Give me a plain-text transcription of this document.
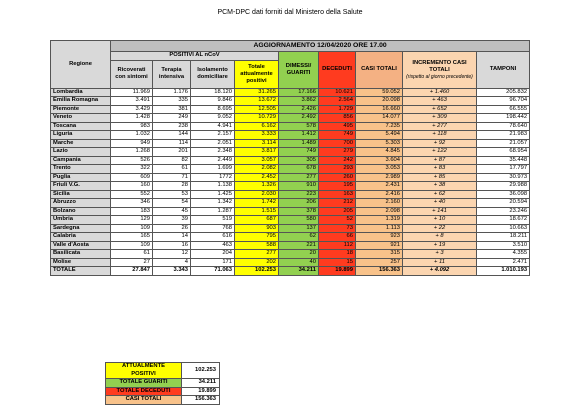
PCM-DPC dati forniti dal Ministero della Salute
Regione	AGGIORNAMENTO 12/04/2020 ORE 17.00								
	POSITIVI AL nCoV				DIMESSI/ GUARITI	DECEDUTI	CASI TOTALI	INCREMENTO CASI TOTALI
(rispetto al giorno precedente)	TAMPONI
	Ricoverati con sintomi	Terapia intensiva	Isolamento domiciliare	Totale attualmente positivi					
Lombardia	11.969	1.176	18.120	31.265	17.166	10.621	59.052	+ 1.460	205.832
Emilia Romagna	3.491	335	9.846	13.672	3.862	2.564	20.098	+ 463	96.704
Piemonte	3.429	381	8.695	12.505	2.426	1.729	16.660	+ 652	66.555
Veneto	1.428	249	9.052	10.729	2.492	856	14.077	+ 309	198.442
Toscana	983	238	4.941	6.162	578	495	7.235	+ 277	78.640
Liguria	1.032	144	2.157	3.333	1.412	749	5.494	+ 118	21.983
Marche	949	114	2.051	3.114	1.489	700	5.303	+ 92	21.057
Lazio	1.268	201	2.348	3.817	749	279	4.845	+ 122	68.954
Campania	526	82	2.449	3.057	305	242	3.604	+ 87	35.448
Trento	322	61	1.699	2.082	678	293	3.053	+ 83	17.797
Puglia	609	71	1772	2.452	277	260	2.989	+ 85	30.973
Friuli V.G.	160	28	1.138	1.326	910	195	2.431	+ 38	29.988
Sicilia	552	53	1.425	2.030	223	163	2.416	+ 62	36.098
Abruzzo	346	54	1.342	1.742	206	212	2.160	+ 40	20.594
Bolzano	183	45	1.287	1.515	378	205	2.098	+ 141	23.246
Umbria	129	39	519	687	580	52	1.319	+ 10	18.672
Sardegna	109	26	768	903	137	73	1.113	+ 22	10.663
Calabria	165	14	616	795	62	66	923	+ 8	18.211
Valle d'Aosta	109	16	463	588	221	112	921	+ 19	3.510
Basilicata	61	12	204	277	20	18	315	+ 3	4.355
Molise	27	4	171	202	40	15	257	+ 11	2.471
TOTALE	27.847	3.343	71.063	102.253	34.211	19.899	156.363	+ 4.092	1.010.193
ATTUALMENTE POSITIVI	102.253
TOTALE GUARITI	34.211
TOTALE DECEDUTI	19.899
CASI TOTALI	156.363
